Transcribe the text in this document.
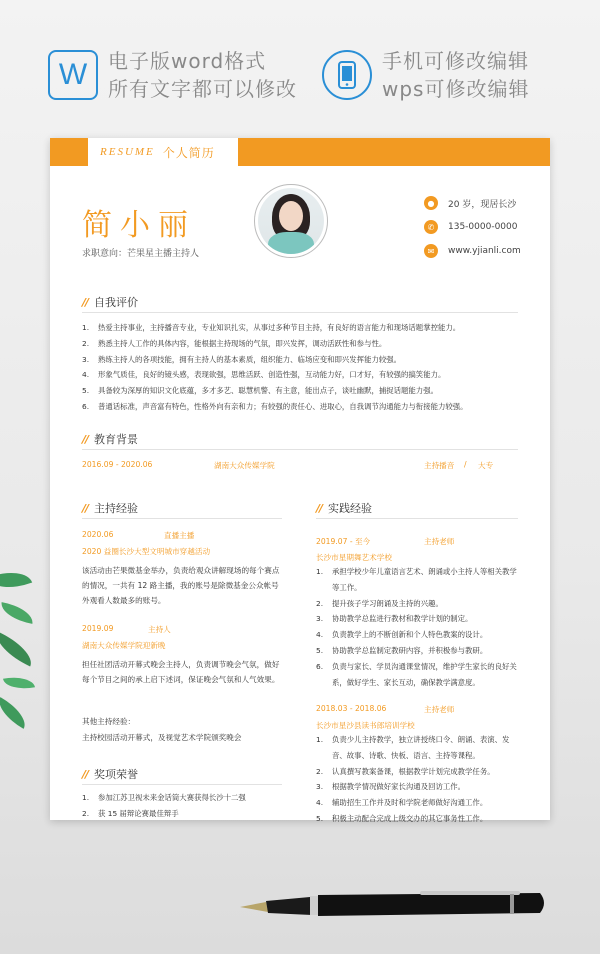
W	电子版word格式
所有文字都可以修改
手机可修改编辑
wps可修改编辑
RESUME 个人简历
简小丽
求职意向：芒果星主播主持人
●	20 岁，现居长沙
✆	135-0000-0000
✉	www.yjianli.com
// 自我评价
1.	热爱主持事业，主持播音专业，专业知识扎实，从事过多种节目主持，有良好的语言能力和现场话题掌控能力。
2.	熟悉主持人工作的具体内容，能根据主持现场的气氛，即兴发挥，调动活跃性和参与性。
3.	熟练主持人的各项技能，拥有主持人的基本素质，组织能力、临场应变和即兴发挥能力较强。
4.	形象气质佳，良好的镜头感，表现欲强，思维活跃、创造性强，互动能力好，口才好，有较强的搞笑能力。
5.	具备较为深厚的知识文化底蕴，多才多艺、聪慧机警、有主意，能出点子，谈吐幽默，捕捉话题能力强。
6.	普通话标准，声音富有特色，性格外向有亲和力；有较强的责任心、进取心，自我调节沟通能力与衔接能力较强。
// 教育背景
2016.09 - 2020.06	湖南大众传媒学院	主持播音 / 大专
// 主持经验
2020.06	直播主播
2020 益圈长沙大型文明城市穿越活动
该活动由芒果微基金举办，负责给观众讲解现场的每个赛点的情况，一共有 12 路主播，我的账号是除微基金公众帐号外观看人数最多的账号。
2019.09	主持人
湖南大众传媒学院迎新晚
担任社团活动开幕式晚会主持人，负责调节晚会气氛，做好每个节目之间的承上启下述词，保证晚会气氛和人气效果。
其他主持经验：
主持校园活动开幕式，及视觉艺术学院颁奖晚会
// 奖项荣誉
1.	参加江苏卫视未来金话筒大赛获得长沙十二强
2.	获 15 届辩论赛最佳辩手
// 实践经验
2019.07 - 至今	主持老师
长沙市星期舞艺术学校
1.	承担学校少年儿童语言艺术、朗诵或小主持人等相关教学等工作。
2.	提升孩子学习朗诵及主持的兴趣。
3.	协助教学总监进行教材和教学计划的制定。
4.	负责教学上的不断创新和个人特色教案的设计。
5.	协助教学总监制定教研内容，并积极参与教研。
6.	负责与家长、学员沟通课堂情况，维护学生家长的良好关系，做好学生、家长互动，确保教学满意度。
2018.03 - 2018.06	主持老师
长沙市星沙县读书郎培训学校
1.	负责少儿主持教学，独立讲授绕口令、朗诵、表演、发音、故事、诗歌、快板、语言、主持等课程。
2.	认真撰写教案备课，根据教学计划完成教学任务。
3.	根据教学情况做好家长沟通及回访工作。
4.	辅助招生工作并及时和学院老师做好沟通工作。
5.	积极主动配合完成上级交办的其它事务性工作。
